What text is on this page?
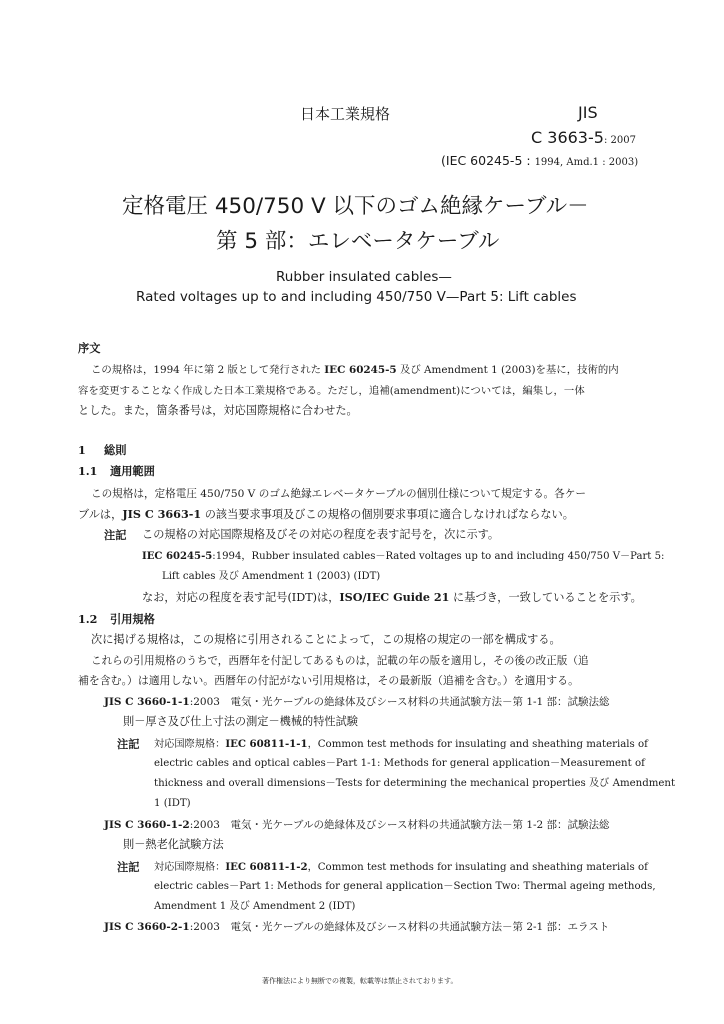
日本工業規格	JIS
C 3663-5: 2007
(IEC 60245-5 : 1994, Amd.1 : 2003)
定格電圧 450/750 V 以下のゴム絶縁ケーブル－
第 5 部：エレベータケーブル
Rubber insulated cables—
Rated voltages up to and including 450/750 V—Part 5: Lift cables
序文
この規格は，1994 年に第 2 版として発行された IEC 60245-5 及び Amendment 1 (2003)を基に，技術的内
容を変更することなく作成した日本工業規格である。ただし，追補(amendment)については，編集し，一体
とした。また，箇条番号は，対応国際規格に合わせた。
1 総則
1.1 適用範囲
この規格は，定格電圧 450/750 V のゴム絶縁エレベータケーブルの個別仕様について規定する。各ケー
ブルは，JIS C 3663-1 の該当要求事項及びこの規格の個別要求事項に適合しなければならない。
注記 この規格の対応国際規格及びその対応の程度を表す記号を，次に示す。
IEC 60245-5:1994，Rubber insulated cables－Rated voltages up to and including 450/750 V－Part 5:
Lift cables 及び Amendment 1 (2003) (IDT)
なお，対応の程度を表す記号(IDT)は，ISO/IEC Guide 21 に基づき，一致していることを示す。
1.2 引用規格
次に掲げる規格は，この規格に引用されることによって，この規格の規定の一部を構成する。
これらの引用規格のうちで，西暦年を付記してあるものは，記載の年の版を適用し，その後の改正版（追
補を含む。）は適用しない。西暦年の付記がない引用規格は，その最新版（追補を含む。）を適用する。
JIS C 3660-1-1:2003　電気・光ケーブルの絶縁体及びシース材料の共通試験方法－第 1-1 部：試験法総
則－厚さ及び仕上寸法の測定－機械的特性試験
注記 対応国際規格：IEC 60811-1-1，Common test methods for insulating and sheathing materials of
electric cables and optical cables－Part 1-1: Methods for general application－Measurement of
thickness and overall dimensions－Tests for determining the mechanical properties 及び Amendment
1 (IDT)
JIS C 3660-1-2:2003　電気・光ケーブルの絶縁体及びシース材料の共通試験方法－第 1-2 部：試験法総
則－熱老化試験方法
注記 対応国際規格：IEC 60811-1-2，Common test methods for insulating and sheathing materials of
electric cables－Part 1: Methods for general application－Section Two: Thermal ageing methods,
Amendment 1 及び Amendment 2 (IDT)
JIS C 3660-2-1:2003　電気・光ケーブルの絶縁体及びシース材料の共通試験方法－第 2-1 部：エラスト
著作権法により無断での複製，転載等は禁止されております。
